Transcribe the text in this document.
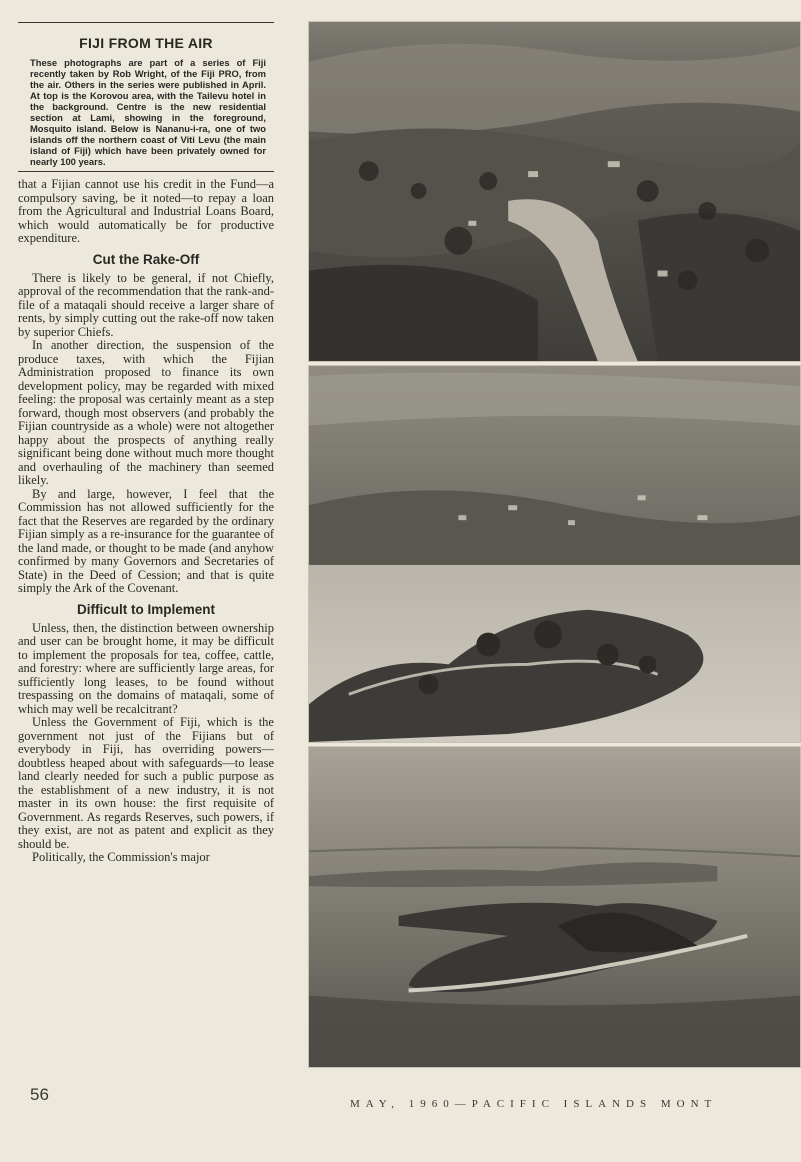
FIJI FROM THE AIR

These photographs are part of a series of Fiji recently taken by Rob Wright, of the Fiji PRO, from the air. Others in the series were published in April. At top is the Korovou area, with the Tailevu hotel in the background. Centre is the new residential section at Lami, showing in the foreground, Mosquito island. Below is Nananu-i-ra, one of two islands off the northern coast of Viti Levu (the main island of Fiji) which have been privately owned for nearly 100 years.

that a Fijian cannot use his credit in the Fund—a compulsory saving, be it noted—to repay a loan from the Agricultural and Industrial Loans Board, which would automatically be for productive expenditure.

Cut the Rake-Off

There is likely to be general, if not Chiefly, approval of the recommendation that the rank-and-file of a mataqali should receive a larger share of rents, by simply cutting out the rake-off now taken by superior Chiefs.

In another direction, the suspension of the produce taxes, with which the Fijian Administration proposed to finance its own development policy, may be regarded with mixed feeling: the proposal was certainly meant as a step forward, though most observers (and probably the Fijian countryside as a whole) were not altogether happy about the prospects of anything really significant being done without much more thought and overhauling of the machinery than seemed likely.

By and large, however, I feel that the Commission has not allowed sufficiently for the fact that the Reserves are regarded by the ordinary Fijian simply as a re-insurance for the guarantee of the land made, or thought to be made (and anyhow confirmed by many Governors and Secretaries of State) in the Deed of Cession; and that is quite simply the Ark of the Covenant.

Difficult to Implement

Unless, then, the distinction between ownership and user can be brought home, it may be difficult to implement the proposals for tea, coffee, cattle, and forestry: where are sufficiently large areas, for sufficiently long leases, to be found without trespassing on the domains of mataqali, some of which may well be recalcitrant?

Unless the Government of Fiji, which is the government not just of the Fijians but of everybody in Fiji, has overriding powers—doubtless heaped about with safeguards—to lease land clearly needed for such a public purpose as the establishment of a new industry, it is not master in its own house: the first requisite of Government. As regards Reserves, such powers, if they exist, are not as patent and explicit as they should be.

Politically, the Commission's major

56	MAY, 1960—PACIFIC ISLANDS MONT
